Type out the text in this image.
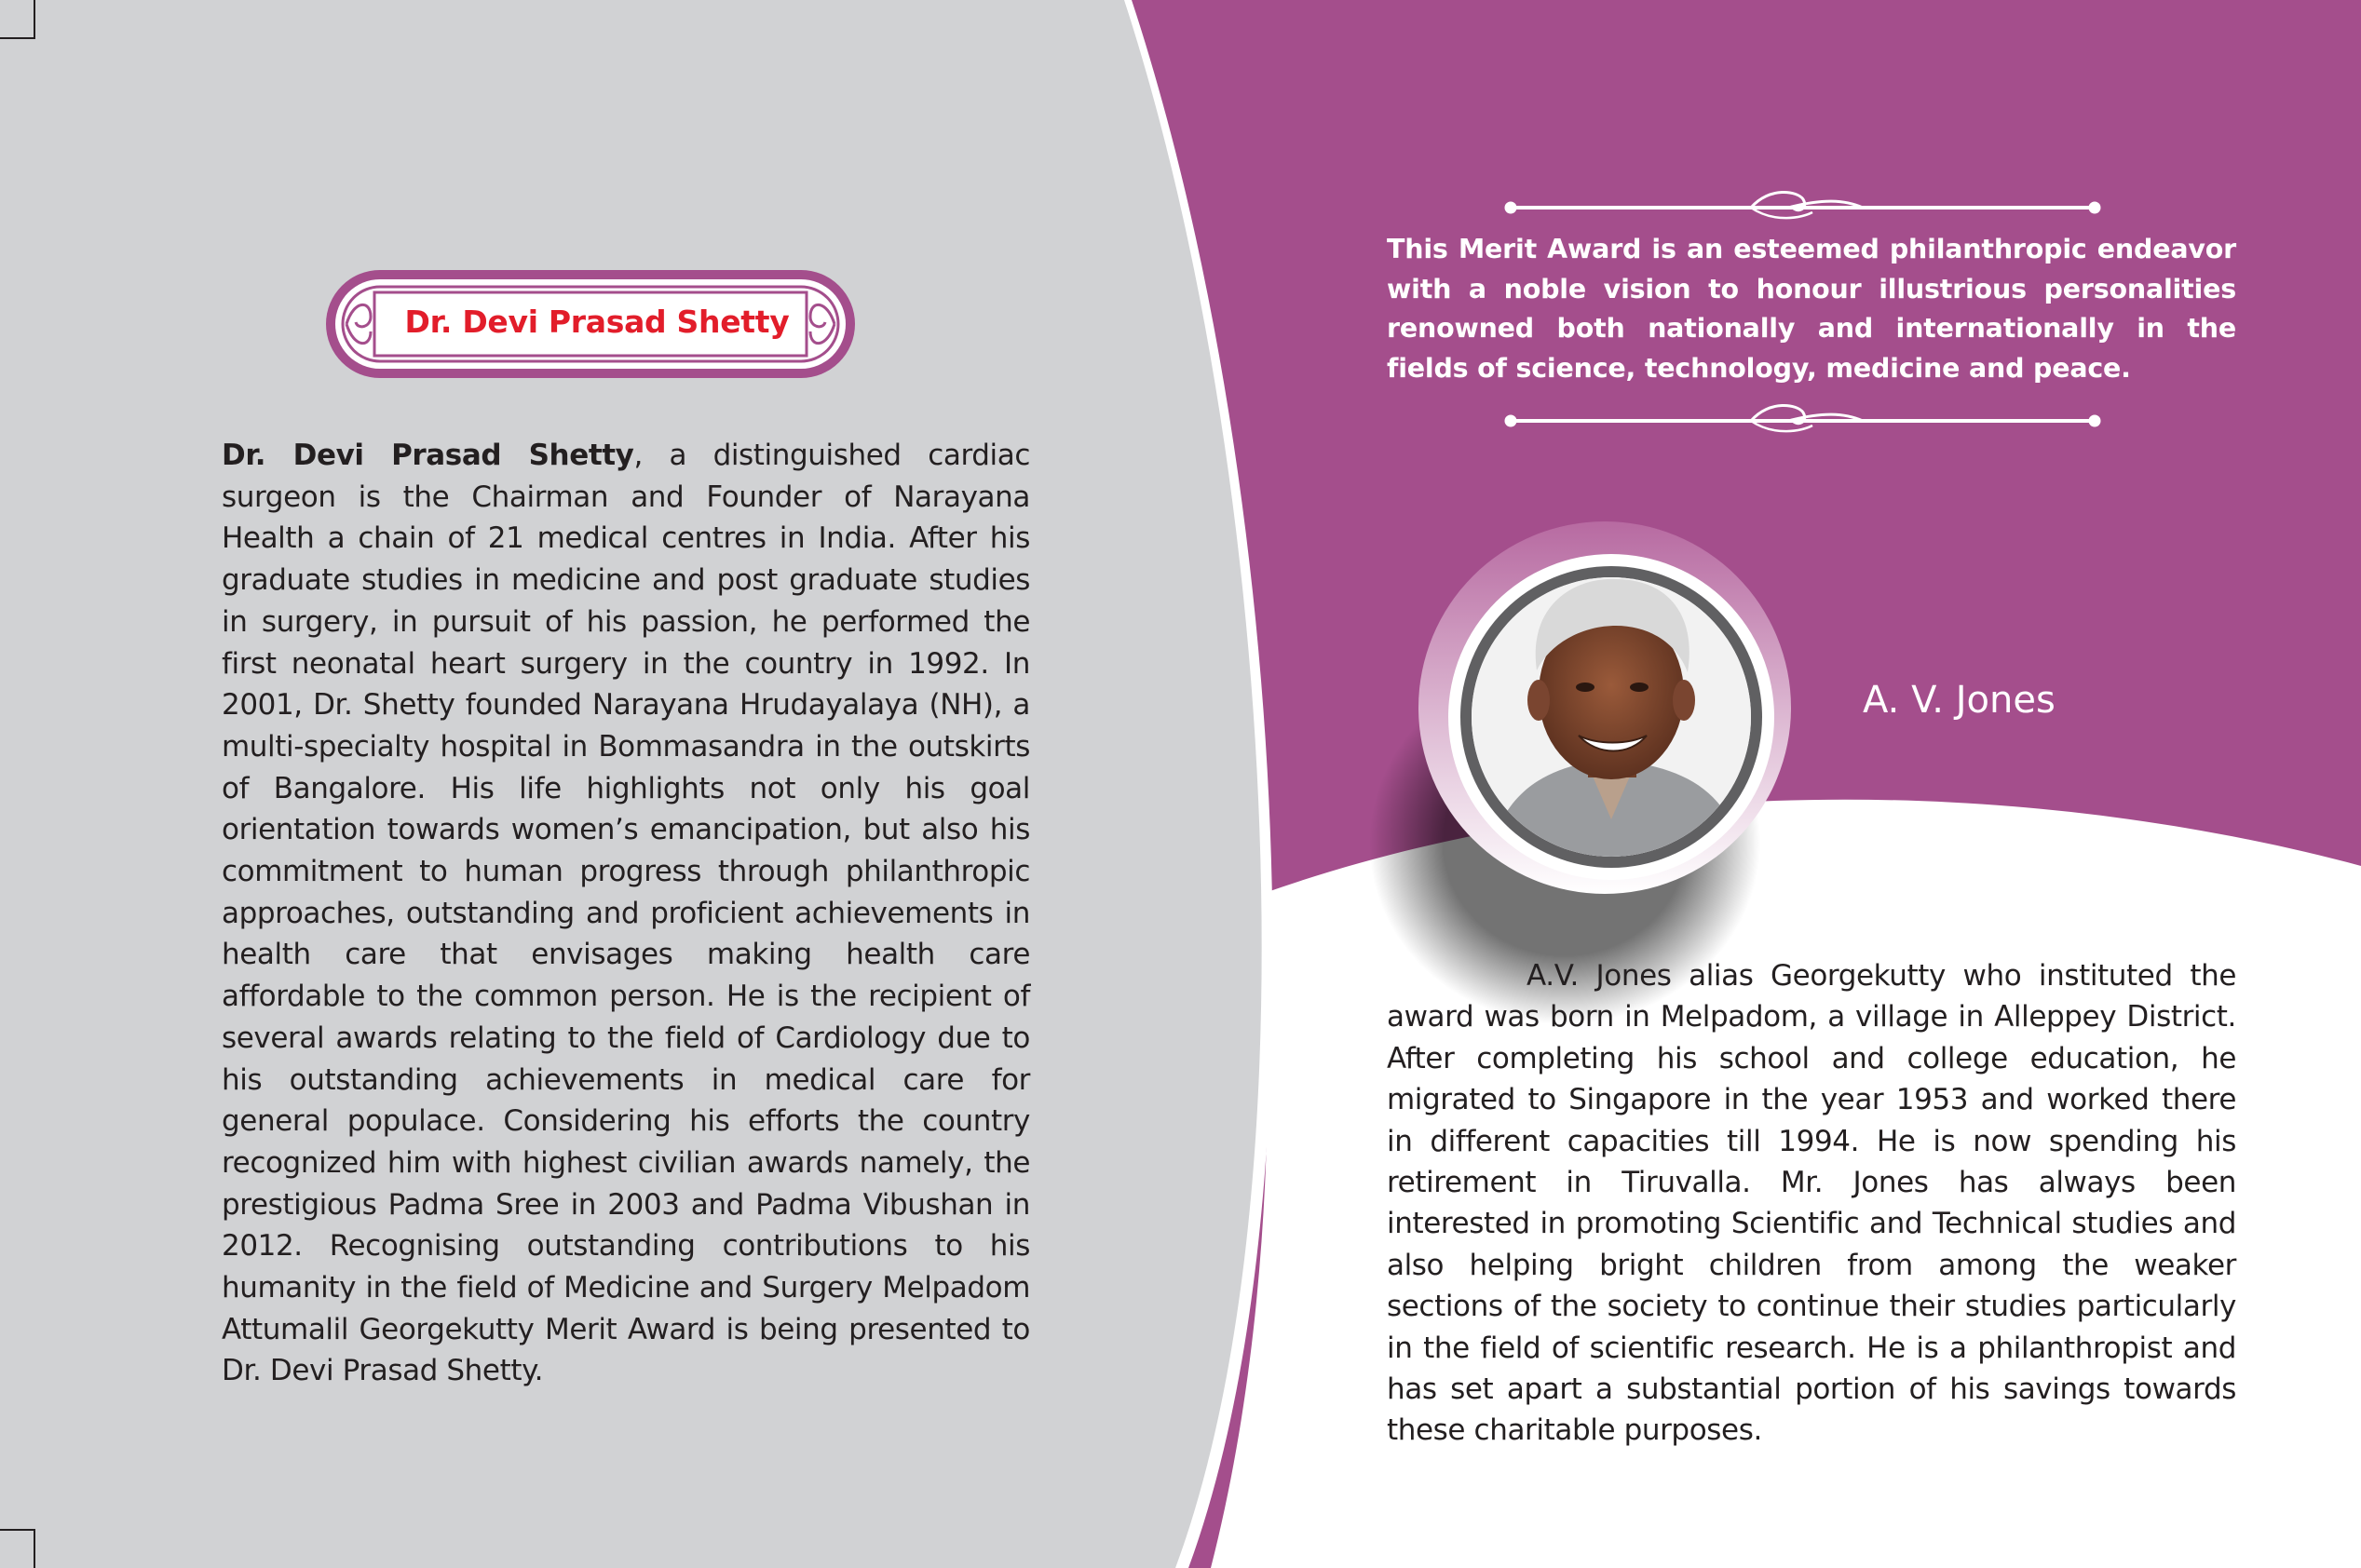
Dr. Devi Prasad Shetty

Dr. Devi Prasad Shetty, a distinguished cardiac surgeon is the Chairman and Founder of Narayana Health a chain of 21 medical centres in India. After his graduate studies in medicine and post graduate studies in surgery, in pursuit of his passion, he performed the first neonatal heart surgery in the country in 1992. In 2001, Dr. Shetty founded Narayana Hrudayalaya (NH), a multi-specialty hospital in Bommasandra in the outskirts of Bangalore. His life highlights not only his goal orientation towards women’s emancipation, but also his commitment to human progress through philanthropic approaches, outstanding and proficient achievements in health care that envisages making health care affordable to the common person. He is the recipient of several awards relating to the field of Cardiology due to his outstanding achievements in medical care for general populace. Considering his efforts the country recognized him with highest civilian awards namely, the prestigious Padma Sree in 2003 and Padma Vibushan in 2012. Recognising outstanding contributions to his humanity in the field of Medicine and Surgery Melpadom Attumalil Georgekutty Merit Award is being presented to Dr. Devi Prasad Shetty.

This Merit Award is an esteemed philanthropic endeavor with a noble vision to honour illustrious personalities renowned both nationally and internationally in the fields of science, technology, medicine and peace.

A. V. Jones

A.V. Jones alias Georgekutty who instituted the award was born in Melpadom, a village in Alleppey District. After completing his school and college education, he migrated to Singapore in the year 1953 and worked there in different capacities till 1994. He is now spending his retirement in Tiruvalla. Mr. Jones has always been interested in promoting Scientific and Technical studies and also helping bright children from among the weaker sections of the society to continue their studies particularly in the field of scientific research. He is a philanthropist and has set apart a substantial portion of his savings towards these charitable purposes.
